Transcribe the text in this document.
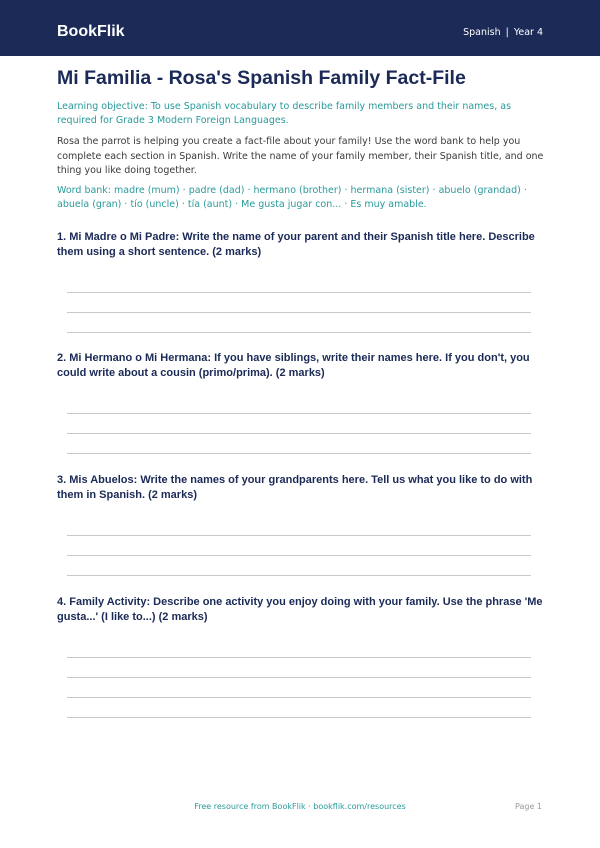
BookFlik	Spanish | Year 4
Mi Familia - Rosa's Spanish Family Fact-File
Learning objective: To use Spanish vocabulary to describe family members and their names, as required for Grade 3 Modern Foreign Languages.
Rosa the parrot is helping you create a fact-file about your family! Use the word bank to help you complete each section in Spanish. Write the name of your family member, their Spanish title, and one thing you like doing together.
Word bank: madre (mum) · padre (dad) · hermano (brother) · hermana (sister) · abuelo (grandad) · abuela (gran) · tío (uncle) · tía (aunt) · Me gusta jugar con... · Es muy amable.
1. Mi Madre o Mi Padre: Write the name of your parent and their Spanish title here. Describe them using a short sentence. (2 marks)
2. Mi Hermano o Mi Hermana: If you have siblings, write their names here. If you don't, you could write about a cousin (primo/prima). (2 marks)
3. Mis Abuelos: Write the names of your grandparents here. Tell us what you like to do with them in Spanish. (2 marks)
4. Family Activity: Describe one activity you enjoy doing with your family. Use the phrase 'Me gusta...' (I like to...) (2 marks)
Free resource from BookFlik · bookflik.com/resources	Page 1
